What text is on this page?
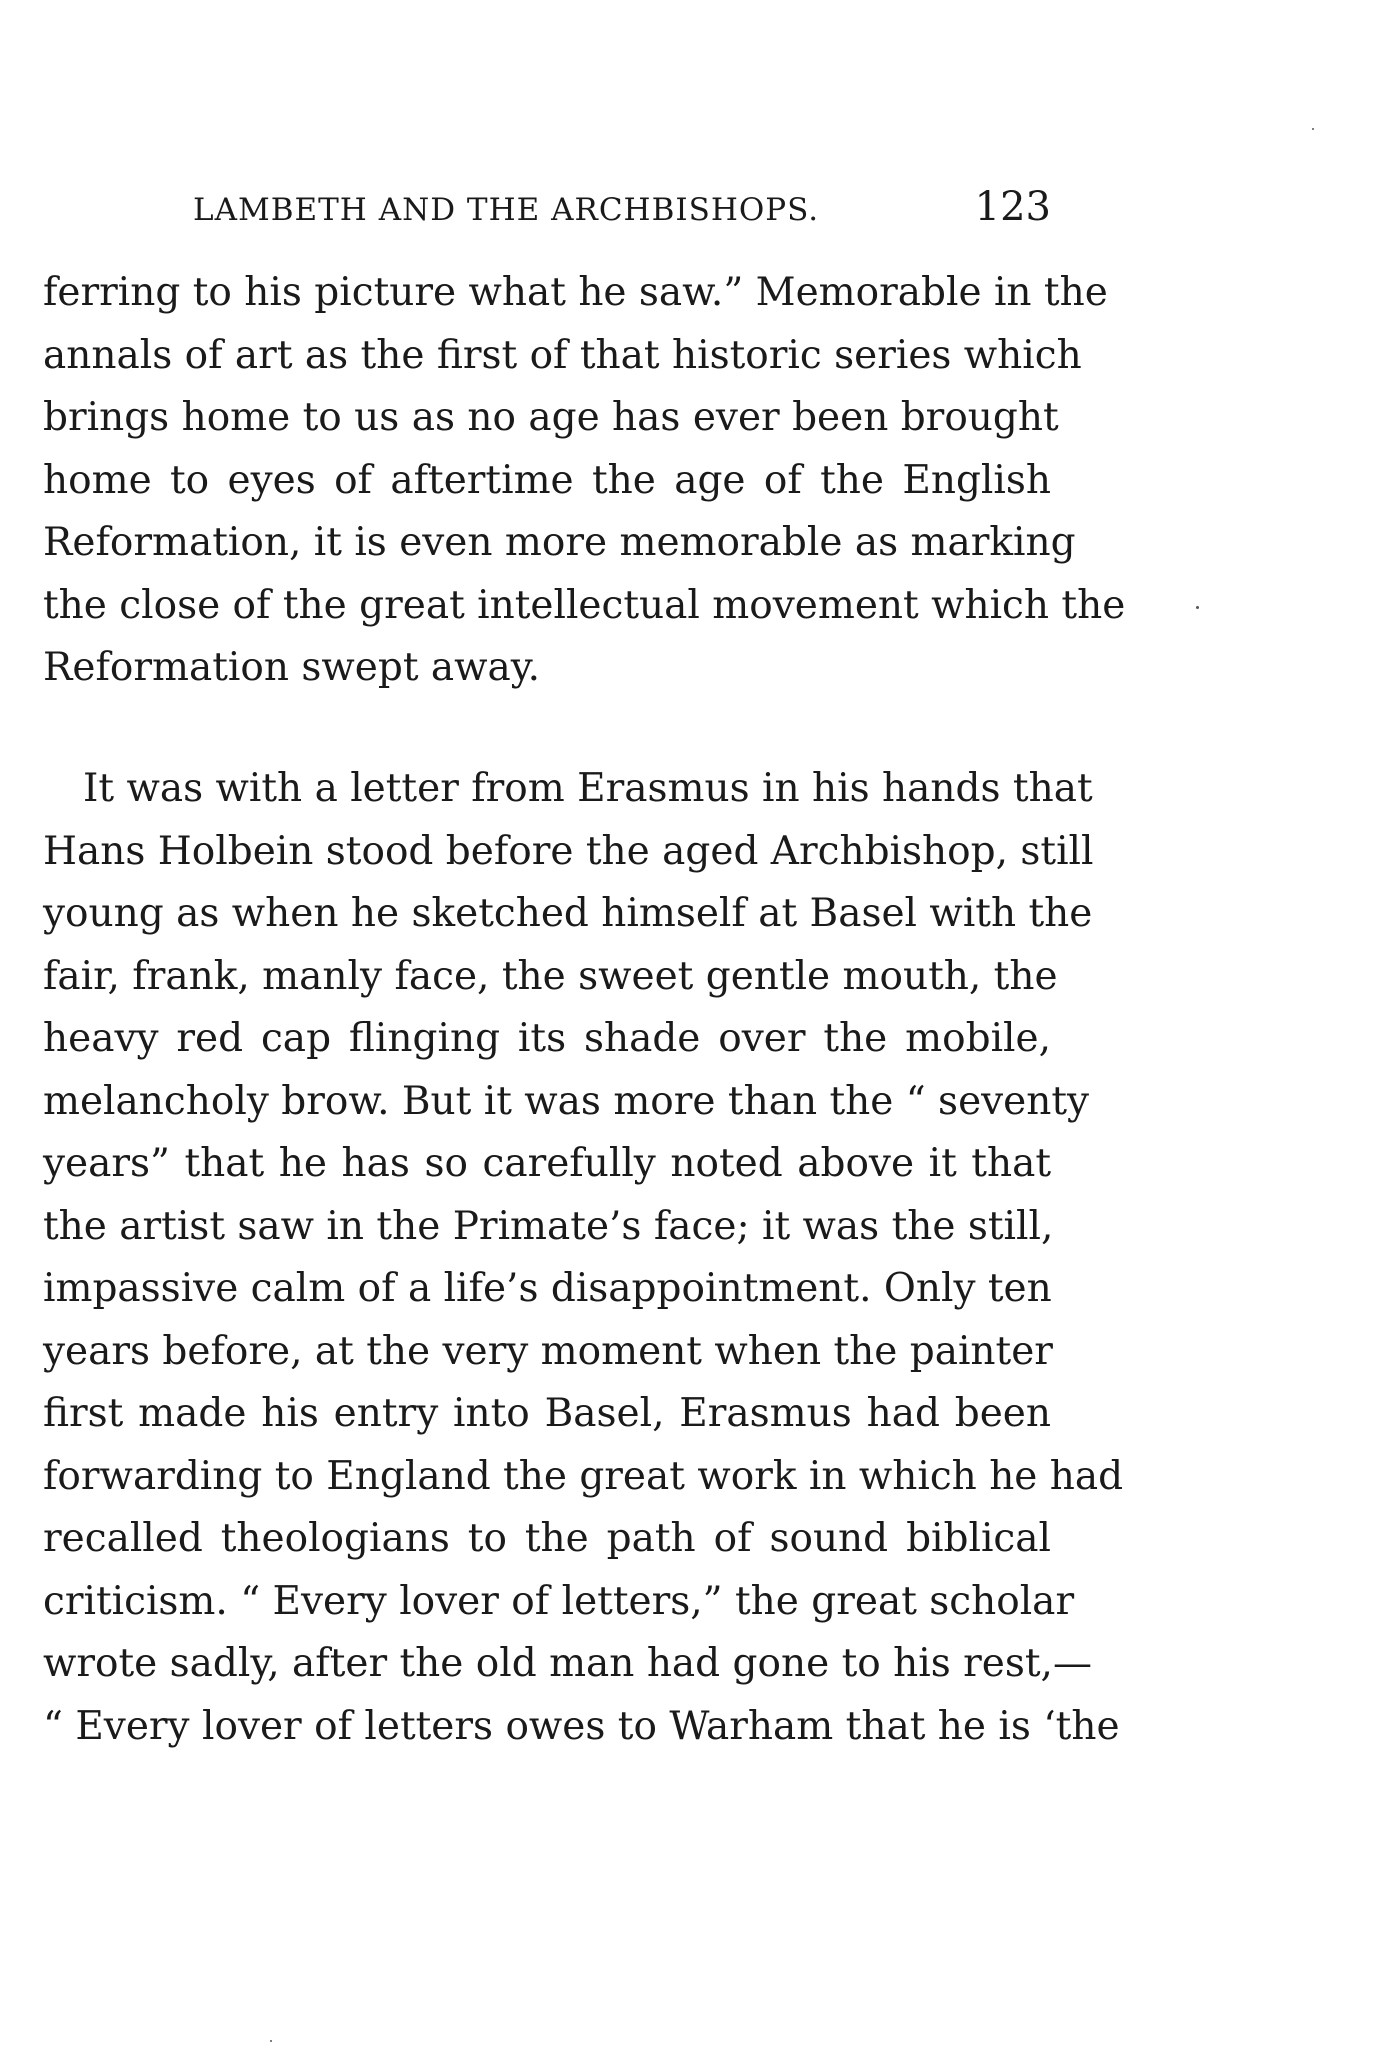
LAMBETH AND THE ARCHBISHOPS.	123
ferring to his picture what he saw.” Memorable in the
annals of art as the first of that historic series which
brings home to us as no age has ever been brought
home to eyes of aftertime the age of the English
Reformation, it is even more memorable as marking
the close of the great intellectual movement which the
Reformation swept away.
It was with a letter from Erasmus in his hands that
Hans Holbein stood before the aged Archbishop, still
young as when he sketched himself at Basel with the
fair, frank, manly face, the sweet gentle mouth, the
heavy red cap flinging its shade over the mobile,
melancholy brow. But it was more than the “ seventy
years” that he has so carefully noted above it that
the artist saw in the Primate’s face; it was the still,
impassive calm of a life’s disappointment. Only ten
years before, at the very moment when the painter
first made his entry into Basel, Erasmus had been
forwarding to England the great work in which he had
recalled theologians to the path of sound biblical
criticism. “ Every lover of letters,” the great scholar
wrote sadly, after the old man had gone to his rest,—
“ Every lover of letters owes to Warham that he is ‘the
